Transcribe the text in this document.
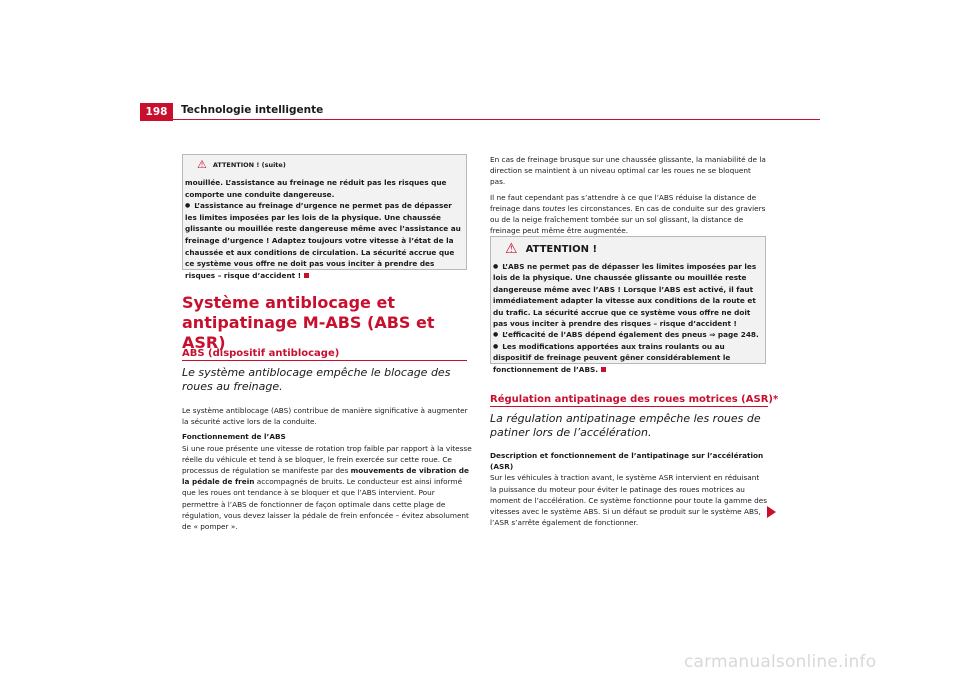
198	Technologie intelligente
⚠ ATTENTION ! (suite)

mouillée. L’assistance au freinage ne réduit pas les risques que comporte une conduite dangereuse.

● L’assistance au freinage d’urgence ne permet pas de dépasser les limites imposées par les lois de la physique. Une chaussée glissante ou mouillée reste dangereuse même avec l’assistance au freinage d’urgence ! Adaptez toujours votre vitesse à l’état de la chaussée et aux conditions de circulation. La sécurité accrue que ce système vous offre ne doit pas vous inciter à prendre des risques – risque d’accident !

Système antiblocage et antipatinage M-ABS (ABS et ASR)
ABS (dispositif antiblocage)
Le système antiblocage empêche le blocage des roues au freinage.

Le système antiblocage (ABS) contribue de manière significative à augmenter la sécurité active lors de la conduite.

Fonctionnement de l’ABS
Si une roue présente une vitesse de rotation trop faible par rapport à la vitesse réelle du véhicule et tend à se bloquer, le frein exercée sur cette roue. Ce processus de régulation se manifeste par des mouvements de vibration de la pédale de frein accompagnés de bruits. Le conducteur est ainsi informé que les roues ont tendance à se bloquer et que l’ABS intervient. Pour permettre à l’ABS de fonctionner de façon optimale dans cette plage de régulation, vous devez laisser la pédale de frein enfoncée – évitez absolument de « pomper ».

En cas de freinage brusque sur une chaussée glissante, la maniabilité de la direction se maintient à un niveau optimal car les roues ne se bloquent pas.

Il ne faut cependant pas s’attendre à ce que l’ABS réduise la distance de freinage dans toutes les circonstances. En cas de conduite sur des graviers ou de la neige fraîchement tombée sur un sol glissant, la distance de freinage peut même être augmentée.

⚠ ATTENTION !

● L’ABS ne permet pas de dépasser les limites imposées par les lois de la physique. Une chaussée glissante ou mouillée reste dangereuse même avec l’ABS ! Lorsque l’ABS est activé, il faut immédiatement adapter la vitesse aux conditions de la route et du trafic. La sécurité accrue que ce système vous offre ne doit pas vous inciter à prendre des risques – risque d’accident !

● L’efficacité de l’ABS dépend également des pneus ⇒ page 248.

● Les modifications apportées aux trains roulants ou au dispositif de freinage peuvent gêner considérablement le fonctionnement de l’ABS.

Régulation antipatinage des roues motrices (ASR)*
La régulation antipatinage empêche les roues de patiner lors de l’accélération.

Description et fonctionnement de l’antipatinage sur l’accélération (ASR)
Sur les véhicules à traction avant, le système ASR intervient en réduisant la puissance du moteur pour éviter le patinage des roues motrices au moment de l’accélération. Ce système fonctionne pour toute la gamme des vitesses avec le système ABS. Si un défaut se produit sur le système ABS, l’ASR s’arrête également de fonctionner.

carmanualsonline.info
